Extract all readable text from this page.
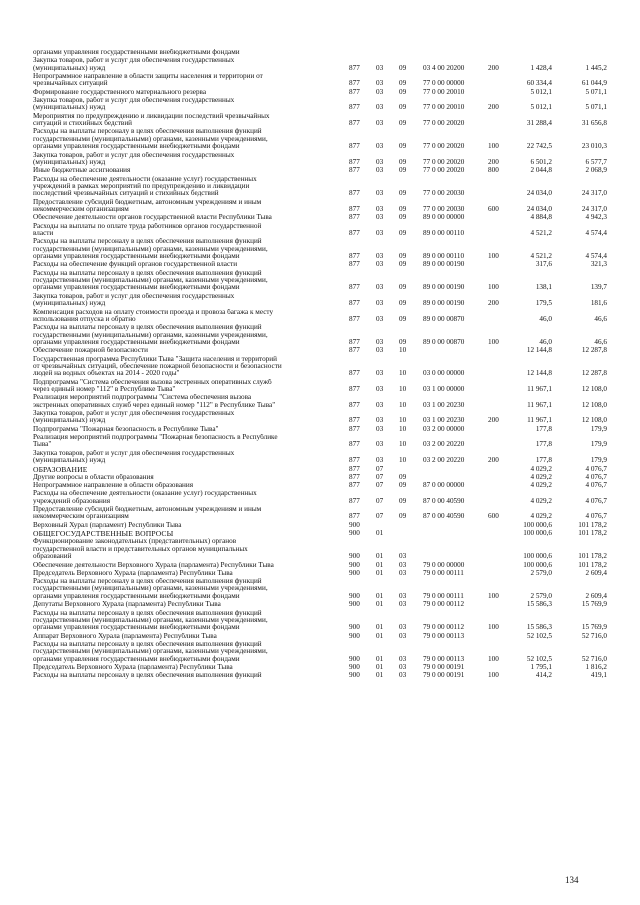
органами управления государственными внебюджетными фондами
Закупка товаров, работ и услуг для обеспечения государственных
(муниципальных) нужд	877 03 09 03 4 00 20200	200	1 428,4	1 445,2
Непрограммное направление в области защиты населения и территории от
чрезвычайных ситуаций	877 03 09 77 0 00 00000	60 334,4	61 044,9
Формирование государственного материального резерва	877 03 09 77 0 00 20010	5 012,1	5 071,1
Закупка товаров, работ и услуг для обеспечения государственных
(муниципальных) нужд	877 03 09 77 0 00 20010	200	5 012,1	5 071,1
Мероприятия по предупреждению и ликвидации последствий чрезвычайных
ситуаций и стихийных бедствий	877 03 09 77 0 00 20020	31 288,4	31 656,8
Расходы на выплаты персоналу в целях обеспечения выполнения функций
государственными (муниципальными) органами, казенными учреждениями,
органами управления государственными внебюджетными фондами	877 03 09 77 0 00 20020	100	22 742,5	23 010,3
Закупка товаров, работ и услуг для обеспечения государственных
(муниципальных) нужд	877 03 09 77 0 00 20020	200	6 501,2	6 577,7
Иные бюджетные ассигнования	877 03 09 77 0 00 20020	800	2 044,8	2 068,9
Расходы на обеспечение деятельности (оказание услуг) государственных
учреждений в рамках мероприятий по предупреждению и ликвидации
последствий чрезвычайных ситуаций и стихийных бедствий	877 03 09 77 0 00 20030	24 034,0	24 317,0
Предоставление субсидий бюджетным, автономным учреждениям и иным
некоммерческим организациям	877 03 09 77 0 00 20030	600	24 034,0	24 317,0
Обеспечение деятельности органов государственной власти Республики Тыва	877 03 09 89 0 00 00000	4 884,8	4 942,3
Расходы на выплаты по оплате труда работников органов государственной
власти	877 03 09 89 0 00 00110	4 521,2	4 574,4
Расходы на выплаты персоналу в целях обеспечения выполнения функций
государственными (муниципальными) органами, казенными учреждениями,
органами управления государственными внебюджетными фондами	877 03 09 89 0 00 00110	100	4 521,2	4 574,4
Расходы на обеспечение функций органов государственной власти	877 03 09 89 0 00 00190	317,6	321,3
Расходы на выплаты персоналу в целях обеспечения выполнения функций
государственными (муниципальными) органами, казенными учреждениями,
органами управления государственными внебюджетными фондами	877 03 09 89 0 00 00190	100	138,1	139,7
Закупка товаров, работ и услуг для обеспечения государственных
(муниципальных) нужд	877 03 09 89 0 00 00190	200	179,5	181,6
Компенсация расходов на оплату стоимости проезда и провоза багажа к месту
использования отпуска и обратно	877 03 09 89 0 00 00870	46,0	46,6
Расходы на выплаты персоналу в целях обеспечения выполнения функций
государственными (муниципальными) органами, казенными учреждениями,
органами управления государственными внебюджетными фондами	877 03 09 89 0 00 00870	100	46,0	46,6
Обеспечение пожарной безопасности	877 03 10	12 144,8	12 287,8
Государственная программа Республики Тыва "Защита населения и территорий
от чрезвычайных ситуаций, обеспечение пожарной безопасности и безопасности
людей на водных объектах на 2014 - 2020 годы"	877 03 10 03 0 00 00000	12 144,8	12 287,8
Подпрограмма "Система обеспечения вызова экстренных оперативных служб
через единый номер "112" в Республике Тыва"	877 03 10 03 1 00 00000	11 967,1	12 108,0
Реализация мероприятий подпрограммы "Система обеспечения вызова
экстренных оперативных служб через единый номер "112" в Республике Тыва"	877 03 10 03 1 00 20230	11 967,1	12 108,0
Закупка товаров, работ и услуг для обеспечения государственных
(муниципальных) нужд	877 03 10 03 1 00 20230	200	11 967,1	12 108,0
Подпрограмма "Пожарная безопасность в Республике Тыва"	877 03 10 03 2 00 00000	177,8	179,9
Реализация мероприятий подпрограммы "Пожарная безопасность в Республике
Тыва"	877 03 10 03 2 00 20220	177,8	179,9
Закупка товаров, работ и услуг для обеспечения государственных
(муниципальных) нужд	877 03 10 03 2 00 20220	200	177,8	179,9
ОБРАЗОВАНИЕ	877 07	4 029,2	4 076,7
Другие вопросы в области образования	877 07 09	4 029,2	4 076,7
Непрограммное направление в области образования	877 07 09 87 0 00 00000	4 029,2	4 076,7
Расходы на обеспечение деятельности (оказание услуг) государственных
учреждений образования	877 07 09 87 0 00 40590	4 029,2	4 076,7
Предоставление субсидий бюджетным, автономным учреждениям и иным
некоммерческим организациям	877 07 09 87 0 00 40590	600	4 029,2	4 076,7
Верховный Хурал (парламент) Республики Тыва	900	100 000,6	101 178,2
ОБЩЕГОСУДАРСТВЕННЫЕ ВОПРОСЫ	900 01	100 000,6	101 178,2
Функционирование законодательных (представительных) органов
государственной власти и представительных органов муниципальных
образований	900 01 03	100 000,6	101 178,2
Обеспечение деятельности Верховного Хурала (парламента) Республики Тыва	900 01 03 79 0 00 00000	100 000,6	101 178,2
Председатель Верховного Хурала (парламента) Республики Тыва	900 01 03 79 0 00 00111	2 579,0	2 609,4
Расходы на выплаты персоналу в целях обеспечения выполнения функций
государственными (муниципальными) органами, казенными учреждениями,
органами управления государственными внебюджетными фондами	900 01 03 79 0 00 00111	100	2 579,0	2 609,4
Депутаты Верховного Хурала (парламента) Республики Тыва	900 01 03 79 0 00 00112	15 586,3	15 769,9
Расходы на выплаты персоналу в целях обеспечения выполнения функций
государственными (муниципальными) органами, казенными учреждениями,
органами управления государственными внебюджетными фондами	900 01 03 79 0 00 00112	100	15 586,3	15 769,9
Аппарат Верховного Хурала (парламента) Республики Тыва	900 01 03 79 0 00 00113	52 102,5	52 716,0
Расходы на выплаты персоналу в целях обеспечения выполнения функций
государственными (муниципальными) органами, казенными учреждениями,
органами управления государственными внебюджетными фондами	900 01 03 79 0 00 00113	100	52 102,5	52 716,0
Председатель Верховного Хурала (парламента) Республики Тыва	900 01 03 79 0 00 00191	1 795,1	1 816,2
Расходы на выплаты персоналу в целях обеспечения выполнения функций	900 01 03 79 0 00 00191	100	414,2	419,1
134
